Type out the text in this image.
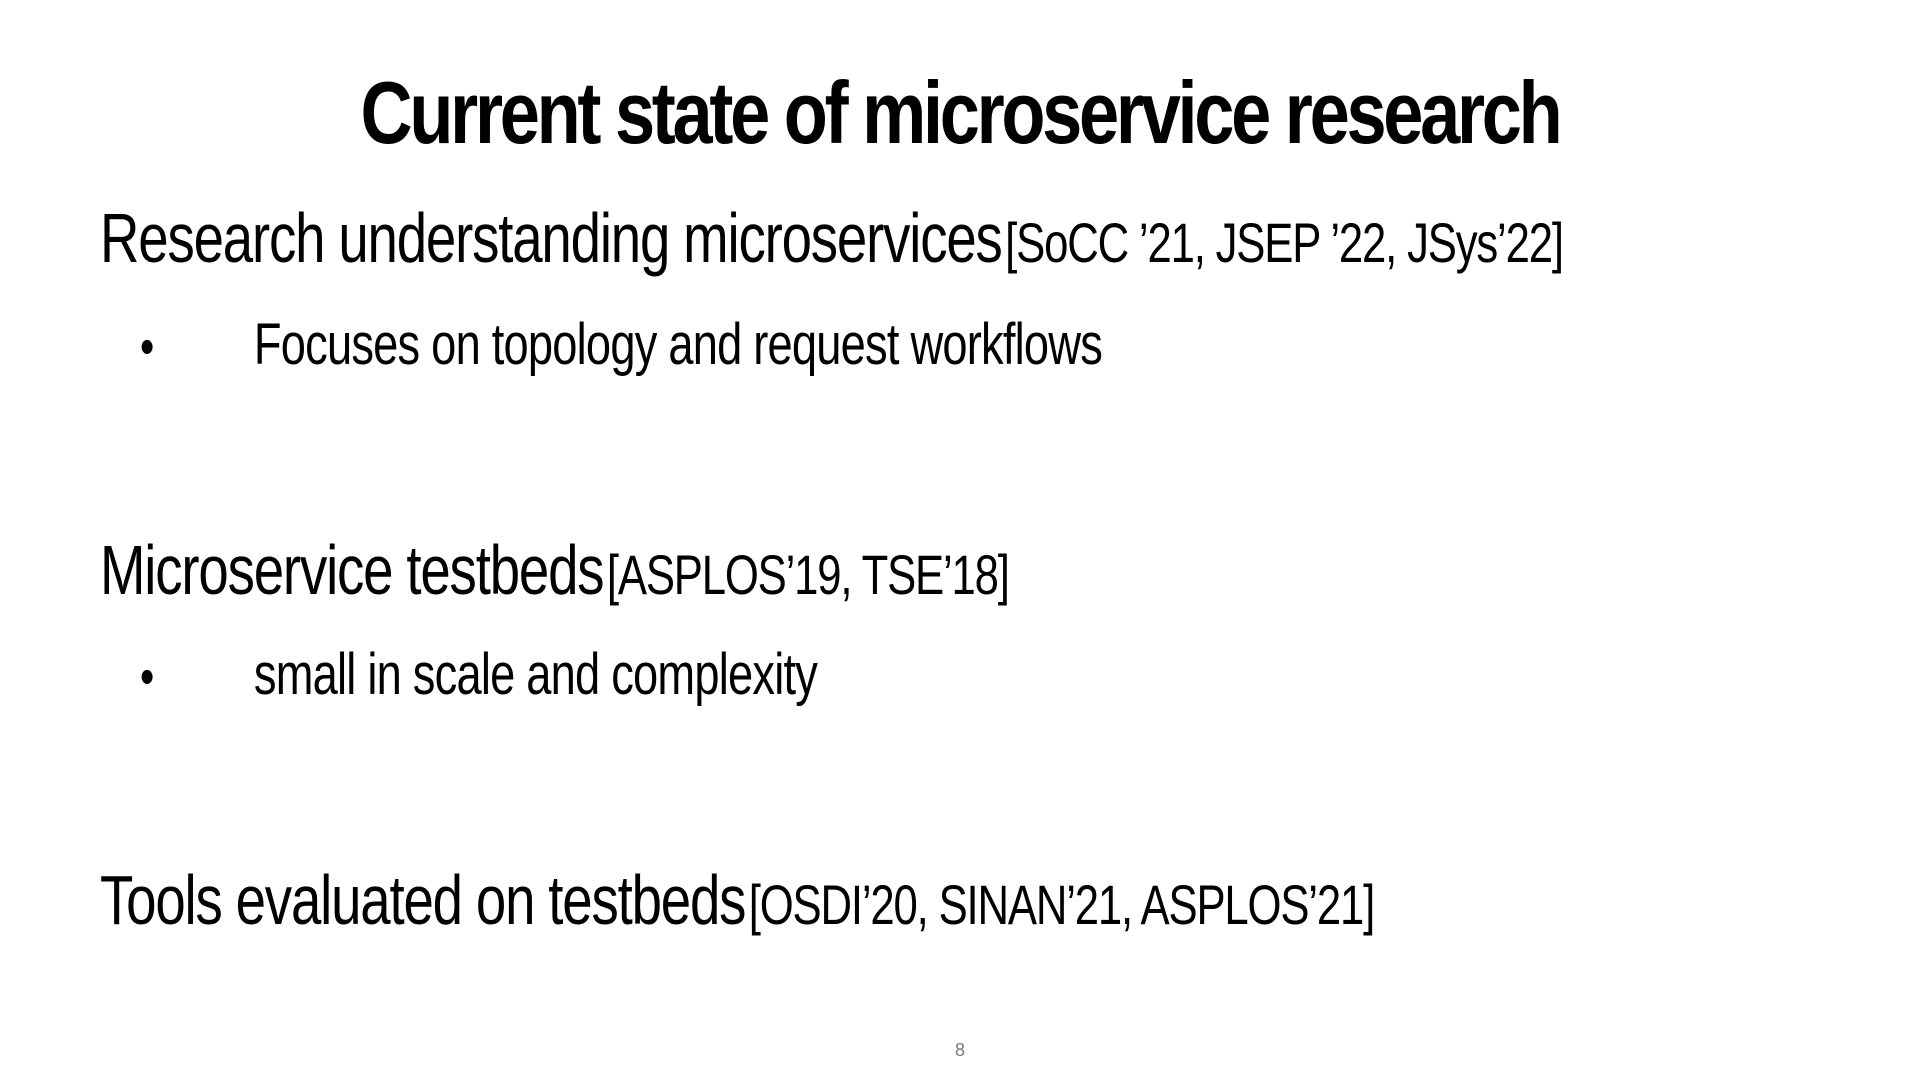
Current state of microservice research
Research understanding microservices [SoCC ’21, JSEP ’22, JSys’22]
• Focuses on topology and request workflows
Microservice testbeds [ASPLOS’19, TSE’18]
• small in scale and complexity
Tools evaluated on testbeds [OSDI’20, SINAN’21, ASPLOS’21]
8
